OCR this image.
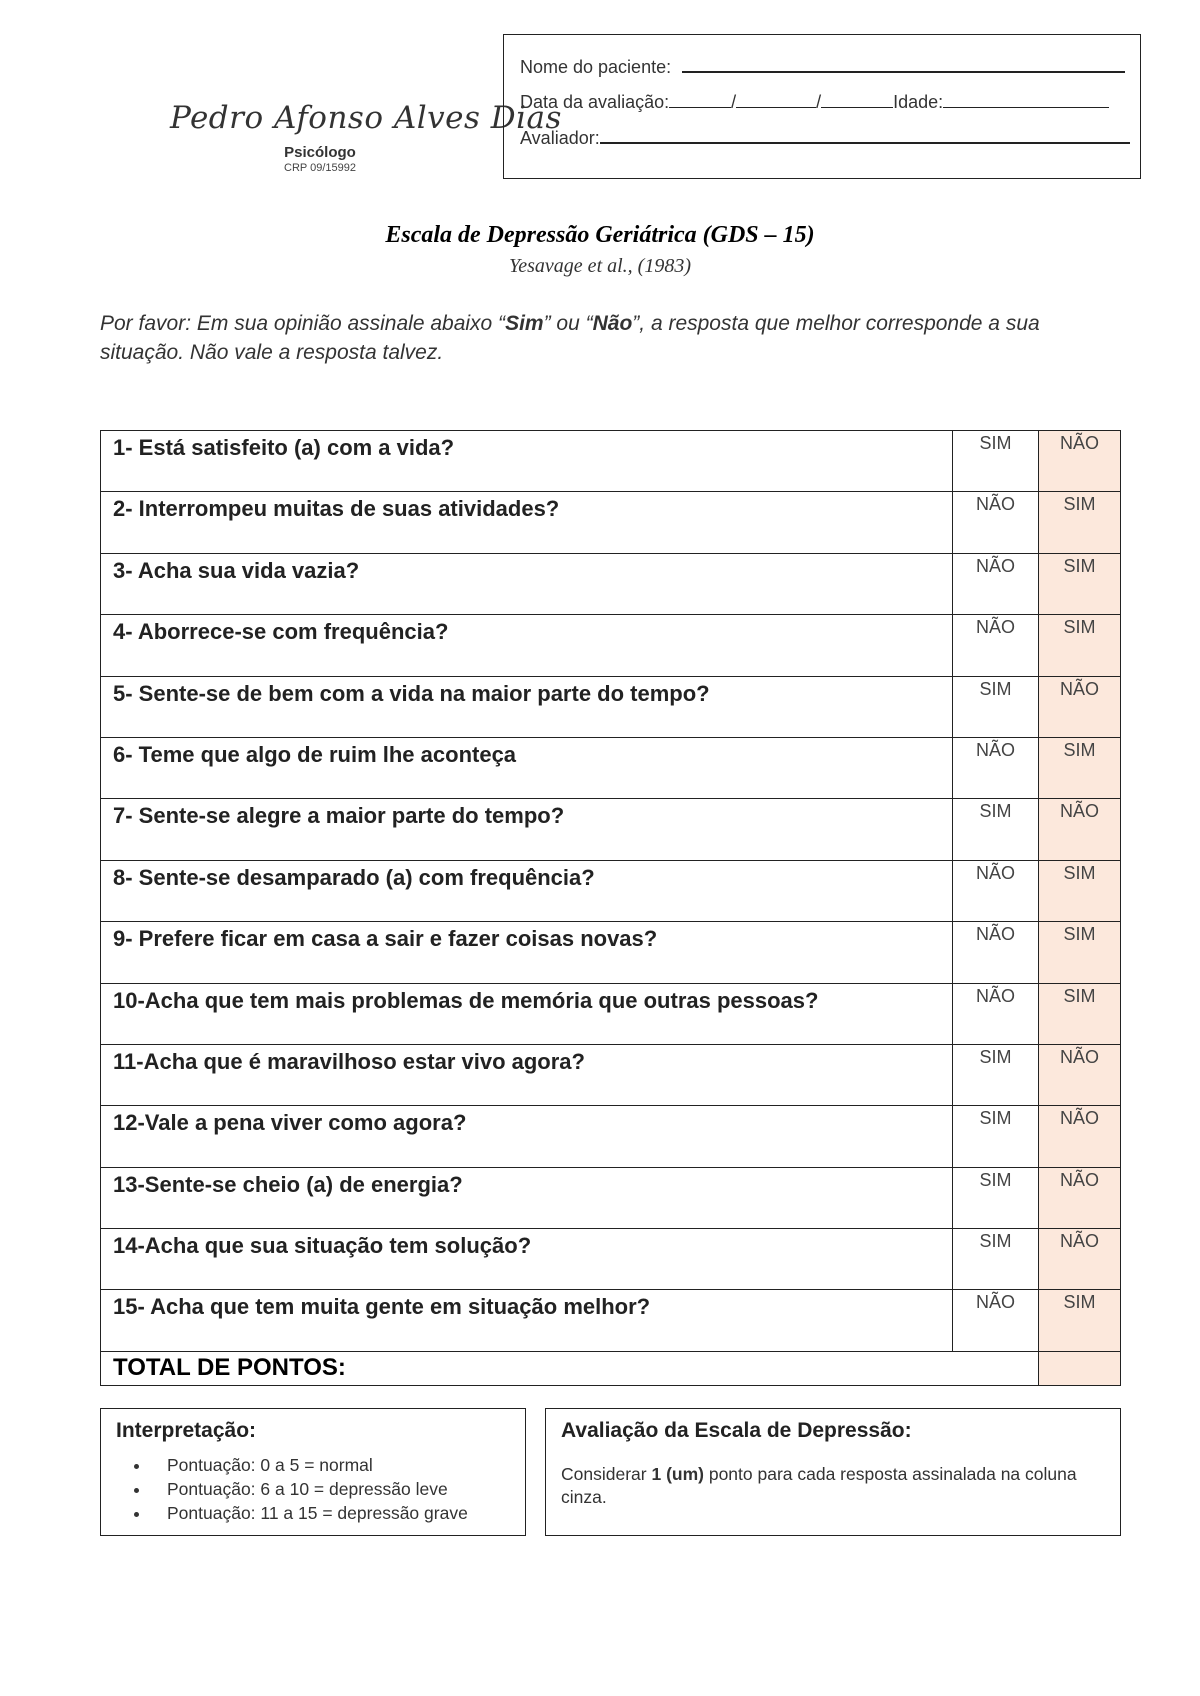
Pedro Afonso Alves Dias
Psicólogo
CRP 09/15992
Nome do paciente:
Data da avaliação:	/	/	Idade:
Avaliador:
Escala de Depressão Geriátrica (GDS – 15)
Yesavage et al., (1983)
Por favor: Em sua opinião assinale abaixo “Sim” ou “Não”, a resposta que melhor corresponde a sua situação. Não vale a resposta talvez.
1- Está satisfeito (a) com a vida?	SIM	NÃO
2- Interrompeu muitas de suas atividades?	NÃO	SIM
3- Acha sua vida vazia?	NÃO	SIM
4- Aborrece-se com frequência?	NÃO	SIM
5- Sente-se de bem com a vida na maior parte do tempo?	SIM	NÃO
6- Teme que algo de ruim lhe aconteça	NÃO	SIM
7- Sente-se alegre a maior parte do tempo?	SIM	NÃO
8- Sente-se desamparado (a) com frequência?	NÃO	SIM
9- Prefere ficar em casa a sair e fazer coisas novas?	NÃO	SIM
10-Acha que tem mais problemas de memória que outras pessoas?	NÃO	SIM
11-Acha que é maravilhoso estar vivo agora?	SIM	NÃO
12-Vale a pena viver como agora?	SIM	NÃO
13-Sente-se cheio (a) de energia?	SIM	NÃO
14-Acha que sua situação tem solução?	SIM	NÃO
15- Acha que tem muita gente em situação melhor?	NÃO	SIM
TOTAL DE PONTOS:		
Interpretação:
• Pontuação: 0 a 5 = normal
• Pontuação: 6 a 10 = depressão leve
• Pontuação: 11 a 15 = depressão grave
Avaliação da Escala de Depressão:
Considerar 1 (um) ponto para cada resposta assinalada na coluna cinza.
